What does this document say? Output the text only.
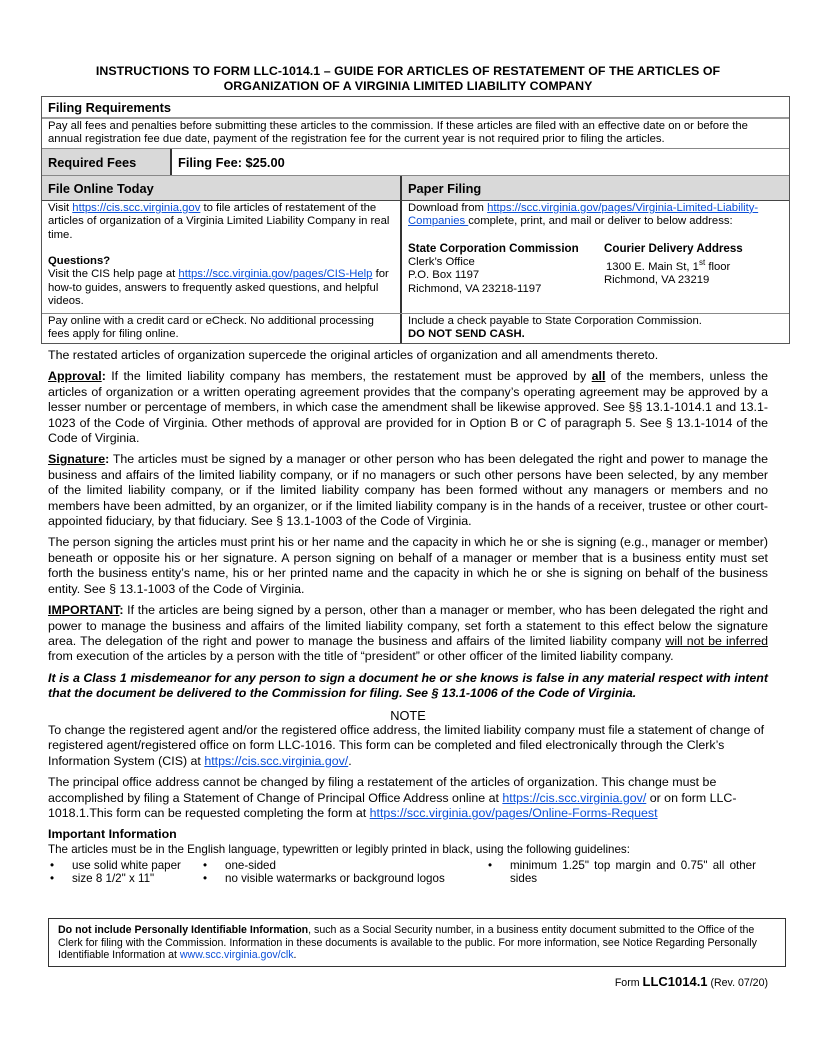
INSTRUCTIONS TO FORM LLC-1014.1 – GUIDE FOR ARTICLES OF RESTATEMENT OF THE ARTICLES OF
ORGANIZATION OF A VIRGINIA LIMITED LIABILITY COMPANY
Filing Requirements
Pay all fees and penalties before submitting these articles to the commission. If these articles are filed with an effective date on or before the annual registration fee due date, payment of the registration fee for the current year is not required prior to filing the articles.
Required Fees	Filing Fee: $25.00
File Online Today	Paper Filing
Visit https://cis.scc.virginia.gov to file articles of restatement of the articles of organization of a Virginia Limited Liability Company in real time.
Questions?
Visit the CIS help page at https://scc.virginia.gov/pages/CIS-Help for how-to guides, answers to frequently asked questions, and helpful videos.
Download from https://scc.virginia.gov/pages/Virginia-Limited-Liability-Companies complete, print, and mail or deliver to below address:
State Corporation Commission
Clerk’s Office
P.O. Box 1197
Richmond, VA 23218-1197
Courier Delivery Address
1300 E. Main St, 1st floor
Richmond, VA 23219
Pay online with a credit card or eCheck. No additional processing fees apply for filing online.
Include a check payable to State Corporation Commission.
DO NOT SEND CASH.

The restated articles of organization supercede the original articles of organization and all amendments thereto.

Approval: If the limited liability company has members, the restatement must be approved by all of the members, unless the articles of organization or a written operating agreement provides that the company’s operating agreement may be approved by a lesser number or percentage of members, in which case the amendment shall be likewise approved. See §§ 13.1-1014.1 and 13.1-1023 of the Code of Virginia. Other methods of approval are provided for in Option B or C of paragraph 5. See § 13.1-1014 of the Code of Virginia.

Signature: The articles must be signed by a manager or other person who has been delegated the right and power to manage the business and affairs of the limited liability company, or if no managers or such other persons have been selected, by any member of the limited liability company, or if the limited liability company has been formed without any managers or members and no members have been admitted, by an organizer, or if the limited liability company is in the hands of a receiver, trustee or other court-appointed fiduciary, by that fiduciary. See § 13.1-1003 of the Code of Virginia.

The person signing the articles must print his or her name and the capacity in which he or she is signing (e.g., manager or member) beneath or opposite his or her signature. A person signing on behalf of a manager or member that is a business entity must set forth the business entity’s name, his or her printed name and the capacity in which he or she is signing on behalf of the business entity. See § 13.1-1003 of the Code of Virginia.

IMPORTANT: If the articles are being signed by a person, other than a manager or member, who has been delegated the right and power to manage the business and affairs of the limited liability company, set forth a statement to this effect below the signature area. The delegation of the right and power to manage the business and affairs of the limited liability company will not be inferred from execution of the articles by a person with the title of “president” or other officer of the limited liability company.

It is a Class 1 misdemeanor for any person to sign a document he or she knows is false in any material respect with intent that the document be delivered to the Commission for filing. See § 13.1-1006 of the Code of Virginia.

NOTE

To change the registered agent and/or the registered office address, the limited liability company must file a statement of change of registered agent/registered office on form LLC-1016. This form can be completed and filed electronically through the Clerk’s Information System (CIS) at https://cis.scc.virginia.gov/.

The principal office address cannot be changed by filing a restatement of the articles of organization. This change must be accomplished by filing a Statement of Change of Principal Office Address online at https://cis.scc.virginia.gov/ or on form LLC-1018.1.This form can be requested completing the form at https://scc.virginia.gov/pages/Online-Forms-Request

Important Information
The articles must be in the English language, typewritten or legibly printed in black, using the following guidelines:
• use solid white paper
• size 8 1/2" x 11"
• one-sided
• no visible watermarks or background logos
• minimum 1.25" top margin and 0.75" all other sides
Do not include Personally Identifiable Information, such as a Social Security number, in a business entity document submitted to the Office of the Clerk for filing with the Commission. Information in these documents is available to the public. For more information, see Notice Regarding Personally Identifiable Information at www.scc.virginia.gov/clk.
Form LLC1014.1 (Rev. 07/20)
